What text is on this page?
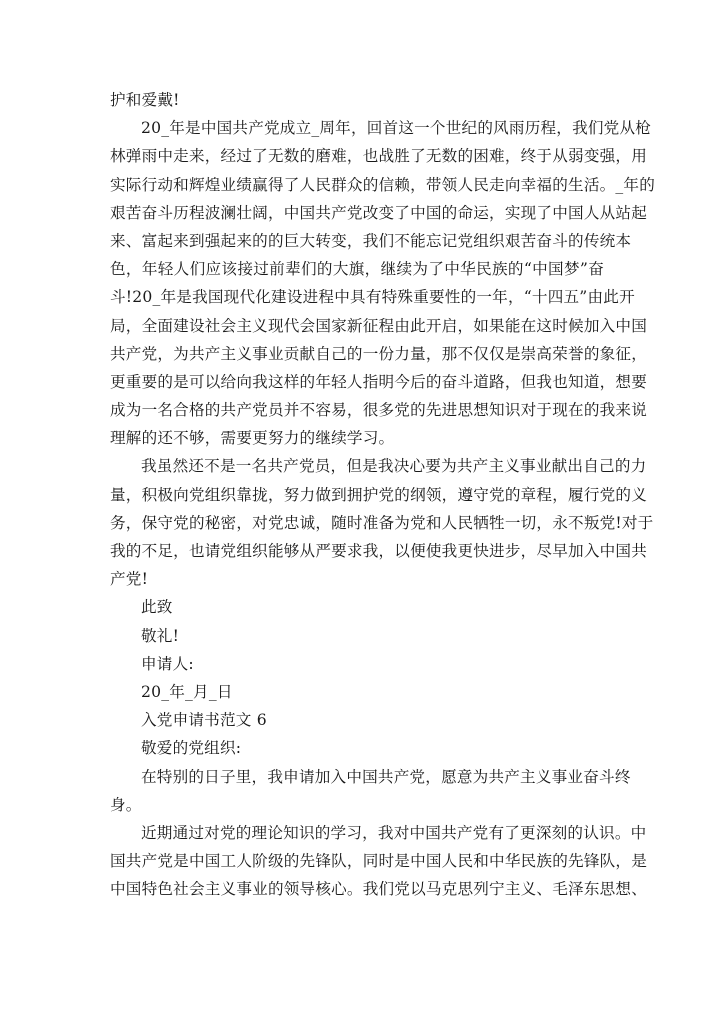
护和爱戴!
20_年是中国共产党成立_周年，回首这一个世纪的风雨历程，我们党从枪
林弹雨中走来，经过了无数的磨难，也战胜了无数的困难，终于从弱变强，用
实际行动和辉煌业绩赢得了人民群众的信赖，带领人民走向幸福的生活。_年的
艰苦奋斗历程波澜壮阔，中国共产党改变了中国的命运，实现了中国人从站起
来、富起来到强起来的的巨大转变，我们不能忘记党组织艰苦奋斗的传统本
色，年轻人们应该接过前辈们的大旗，继续为了中华民族的“中国梦”奋
斗!20_年是我国现代化建设进程中具有特殊重要性的一年，“十四五”由此开
局，全面建设社会主义现代会国家新征程由此开启，如果能在这时候加入中国
共产党，为共产主义事业贡献自己的一份力量，那不仅仅是崇高荣誉的象征，
更重要的是可以给向我这样的年轻人指明今后的奋斗道路，但我也知道，想要
成为一名合格的共产党员并不容易，很多党的先进思想知识对于现在的我来说
理解的还不够，需要更努力的继续学习。
我虽然还不是一名共产党员，但是我决心要为共产主义事业献出自己的力
量，积极向党组织靠拢，努力做到拥护党的纲领，遵守党的章程，履行党的义
务，保守党的秘密，对党忠诚，随时准备为党和人民牺牲一切，永不叛党!对于
我的不足，也请党组织能够从严要求我，以便使我更快进步，尽早加入中国共
产党!
此致
敬礼!
申请人:
20_年_月_日
入党申请书范文 6
敬爱的党组织:
在特别的日子里，我申请加入中国共产党，愿意为共产主义事业奋斗终
身。
近期通过对党的理论知识的学习，我对中国共产党有了更深刻的认识。中
国共产党是中国工人阶级的先锋队，同时是中国人民和中华民族的先锋队，是
中国特色社会主义事业的领导核心。我们党以马克思列宁主义、毛泽东思想、
